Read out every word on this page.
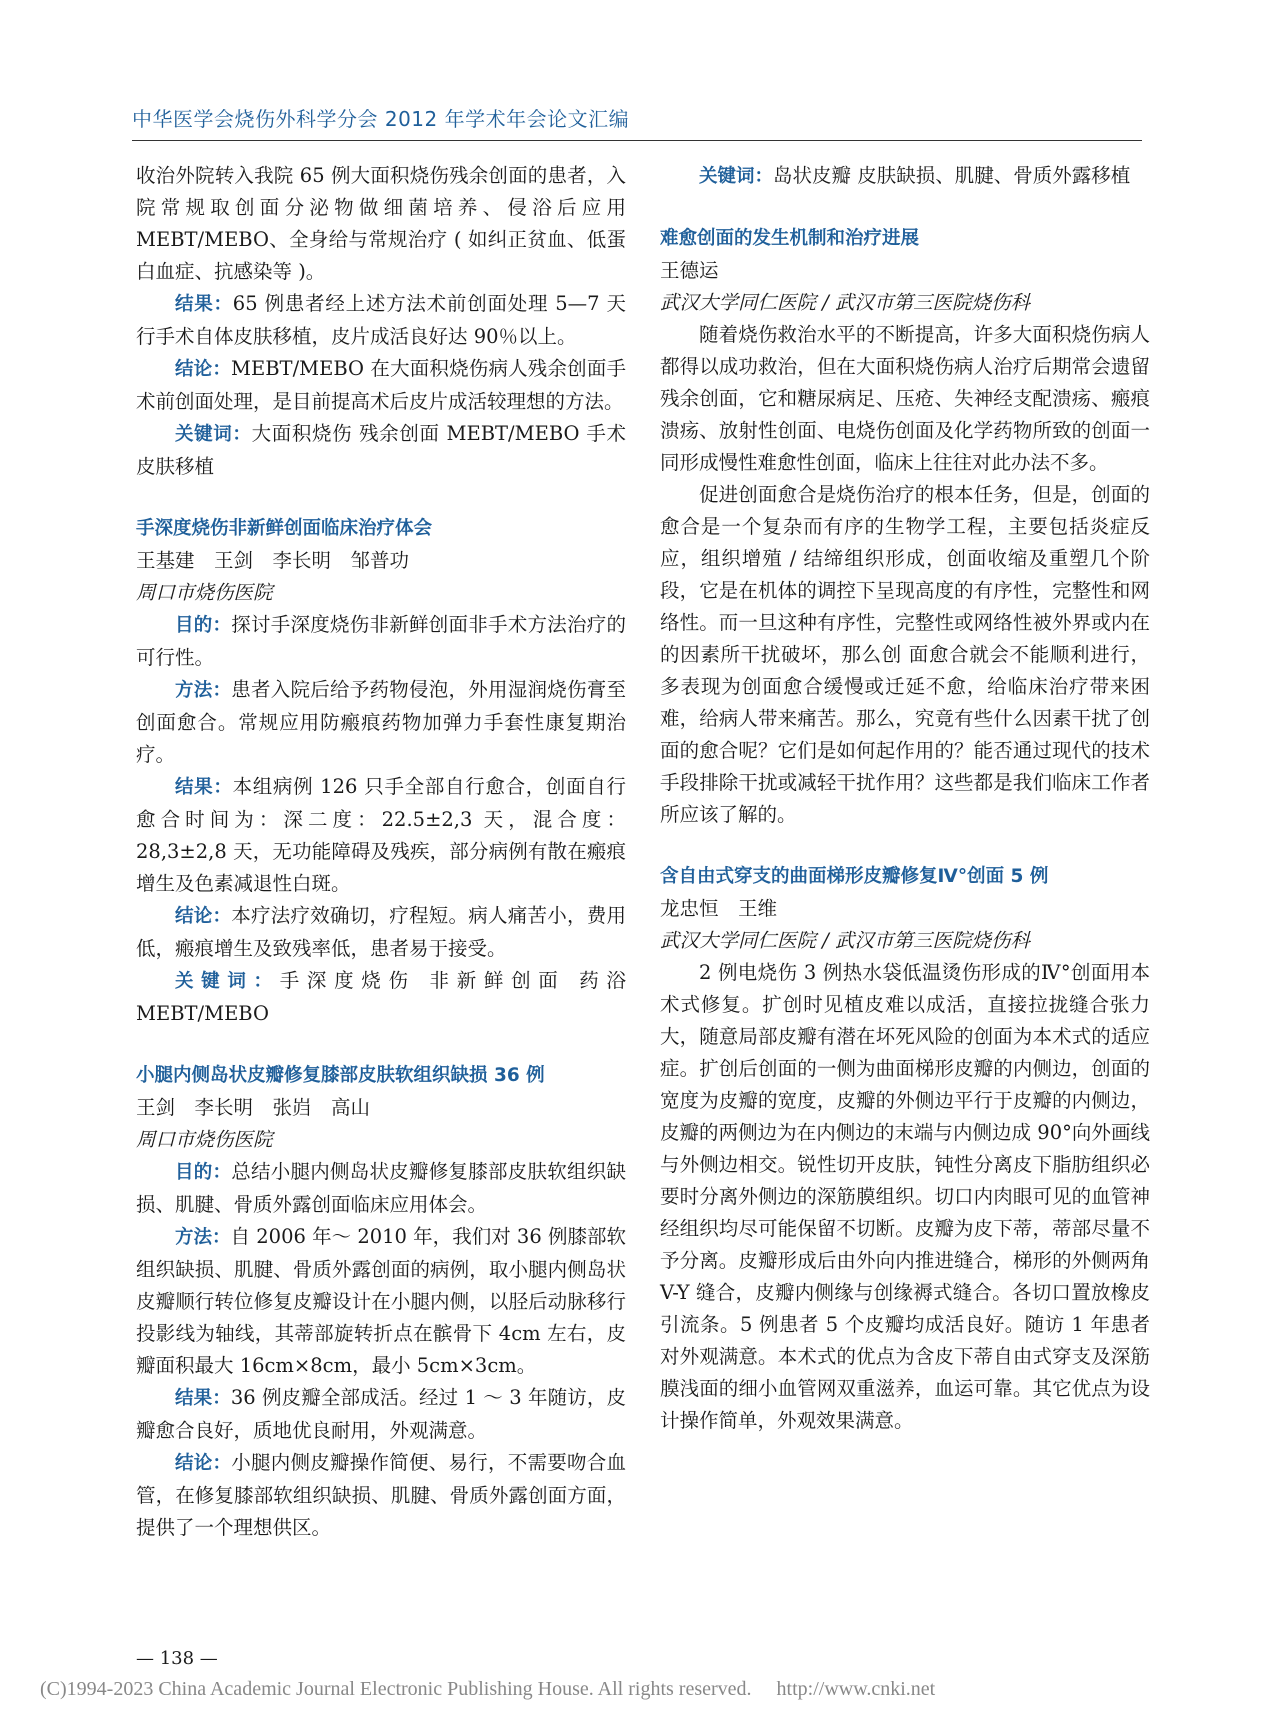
中华医学会烧伤外科学分会 2012 年学术年会论文汇编

收治外院转入我院 65 例大面积烧伤残余创面的患者，入院常规取创面分泌物做细菌培养、侵浴后应用 MEBT/MEBO、全身给与常规治疗 ( 如纠正贫血、低蛋白血症、抗感染等 )。

结果：65 例患者经上述方法术前创面处理 5—7 天行手术自体皮肤移植，皮片成活良好达 90％以上。

结论：MEBT/MEBO 在大面积烧伤病人残余创面手术前创面处理，是目前提高术后皮片成活较理想的方法。

关键词：大面积烧伤 残余创面 MEBT/MEBO 手术皮肤移植

手深度烧伤非新鲜创面临床治疗体会

王基建　王剑　李长明　邹普功

周口市烧伤医院

目的：探讨手深度烧伤非新鲜创面非手术方法治疗的可行性。

方法：患者入院后给予药物侵泡，外用湿润烧伤膏至创面愈合。常规应用防瘢痕药物加弹力手套性康复期治疗。

结果：本组病例 126 只手全部自行愈合，创面自行愈合时间为：深二度：22.5±2,3 天，混合度：28,3±2,8 天，无功能障碍及残疾，部分病例有散在瘢痕增生及色素减退性白斑。

结论：本疗法疗效确切，疗程短。病人痛苦小，费用低，瘢痕增生及致残率低，患者易于接受。

关键词：手深度烧伤 非新鲜创面 药浴 MEBT/MEBO

小腿内侧岛状皮瓣修复膝部皮肤软组织缺损 36 例

王剑　李长明　张岿　高山

周口市烧伤医院

目的：总结小腿内侧岛状皮瓣修复膝部皮肤软组织缺损、肌腱、骨质外露创面临床应用体会。

方法：自 2006 年～ 2010 年，我们对 36 例膝部软组织缺损、肌腱、骨质外露创面的病例，取小腿内侧岛状皮瓣顺行转位修复皮瓣设计在小腿内侧，以胫后动脉移行投影线为轴线，其蒂部旋转折点在髌骨下 4cm 左右，皮瓣面积最大 16cm×8cm，最小 5cm×3cm。

结果：36 例皮瓣全部成活。经过 1 ～ 3 年随访，皮瓣愈合良好，质地优良耐用，外观满意。

结论：小腿内侧皮瓣操作简便、易行，不需要吻合血管，在修复膝部软组织缺损、肌腱、骨质外露创面方面，提供了一个理想供区。

关键词：岛状皮瓣 皮肤缺损、肌腱、骨质外露移植

难愈创面的发生机制和治疗进展

王德运

武汉大学同仁医院 / 武汉市第三医院烧伤科

随着烧伤救治水平的不断提高，许多大面积烧伤病人都得以成功救治，但在大面积烧伤病人治疗后期常会遗留残余创面，它和糖尿病足、压疮、失神经支配溃疡、瘢痕溃疡、放射性创面、电烧伤创面及化学药物所致的创面一同形成慢性难愈性创面，临床上往往对此办法不多。

促进创面愈合是烧伤治疗的根本任务，但是，创面的愈合是一个复杂而有序的生物学工程，主要包括炎症反应，组织增殖 / 结缔组织形成，创面收缩及重塑几个阶段，它是在机体的调控下呈现高度的有序性，完整性和网络性。而一旦这种有序性，完整性或网络性被外界或内在的因素所干扰破坏，那么创 面愈合就会不能顺利进行，多表现为创面愈合缓慢或迁延不愈，给临床治疗带来困难，给病人带来痛苦。那么，究竟有些什么因素干扰了创面的愈合呢？它们是如何起作用的？能否通过现代的技术手段排除干扰或减轻干扰作用？这些都是我们临床工作者所应该了解的。

含自由式穿支的曲面梯形皮瓣修复Ⅳ°创面 5 例

龙忠恒　王维

武汉大学同仁医院 / 武汉市第三医院烧伤科

2 例电烧伤 3 例热水袋低温烫伤形成的Ⅳ°创面用本术式修复。扩创时见植皮难以成活，直接拉拢缝合张力大，随意局部皮瓣有潜在坏死风险的创面为本术式的适应症。扩创后创面的一侧为曲面梯形皮瓣的内侧边，创面的宽度为皮瓣的宽度，皮瓣的外侧边平行于皮瓣的内侧边，皮瓣的两侧边为在内侧边的末端与内侧边成 90°向外画线与外侧边相交。锐性切开皮肤，钝性分离皮下脂肪组织必要时分离外侧边的深筋膜组织。切口内肉眼可见的血管神经组织均尽可能保留不切断。皮瓣为皮下蒂，蒂部尽量不予分离。皮瓣形成后由外向内推进缝合，梯形的外侧两角 V-Y 缝合，皮瓣内侧缘与创缘褥式缝合。各切口置放橡皮引流条。5 例患者 5 个皮瓣均成活良好。随访 1 年患者对外观满意。本术式的优点为含皮下蒂自由式穿支及深筋膜浅面的细小血管网双重滋养，血运可靠。其它优点为设计操作简单，外观效果满意。

— 138 —
(C)1994-2023 China Academic Journal Electronic Publishing House. All rights reserved.　 http://www.cnki.net
